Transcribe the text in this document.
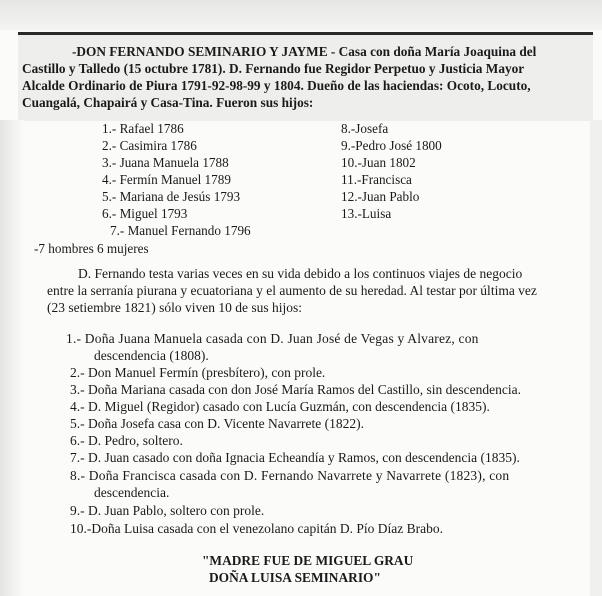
-DON FERNANDO SEMINARIO Y JAYME - Casa con doña María Joaquina del
Castillo y Talledo (15 octubre 1781). D. Fernando fue Regidor Perpetuo y Justicia Mayor
Alcalde Ordinario de Piura 1791-92-98-99 y 1804. Dueño de las haciendas: Ocoto, Locuto,
Cuangalá, Chapairá y Casa-Tina. Fueron sus hijos:
1.- Rafael 1786
2.- Casimira 1786
3.- Juana Manuela 1788
4.- Fermín Manuel 1789
5.- Mariana de Jesús 1793
6.- Miguel 1793
7.- Manuel Fernando 1796
8.-Josefa
9.-Pedro José 1800
10.-Juan 1802
11.-Francisca
12.-Juan Pablo
13.-Luisa
-7 hombres 6 mujeres
D. Fernando testa varias veces en su vida debido a los continuos viajes de negocio
entre la serranía piurana y ecuatoriana y el aumento de su heredad. Al testar por última vez
(23 setiembre 1821) sólo viven 10 de sus hijos:
1.- Doña Juana Manuela casada con D. Juan José de Vegas y Alvarez, con
descendencia (1808).
2.- Don Manuel Fermín (presbítero), con prole.
3.- Doña Mariana casada con don José María Ramos del Castillo, sin descendencia.
4.- D. Miguel (Regidor) casado con Lucía Guzmán, con descendencia (1835).
5.- Doña Josefa casa con D. Vicente Navarrete (1822).
6.- D. Pedro, soltero.
7.- D. Juan casado con doña Ignacia Echeandía y Ramos, con descendencia (1835).
8.- Doña Francisca casada con D. Fernando Navarrete y Navarrete (1823), con
descendencia.
9.- D. Juan Pablo, soltero con prole.
10.-Doña Luisa casada con el venezolano capitán D. Pío Díaz Brabo.
"MADRE FUE DE MIGUEL GRAU
DOÑA LUISA SEMINARIO"
